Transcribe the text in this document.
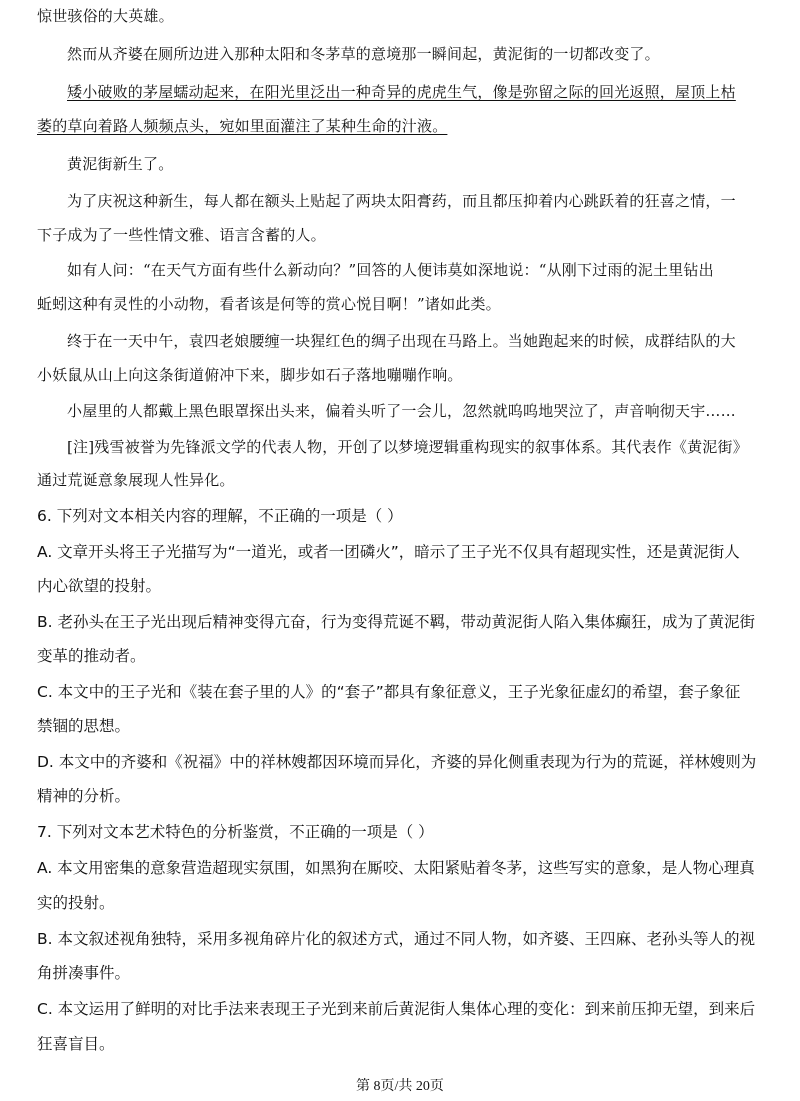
惊世骇俗的大英雄。
然而从齐婆在厕所边进入那种太阳和冬茅草的意境那一瞬间起，黄泥街的一切都改变了。
矮小破败的茅屋蠕动起来，在阳光里泛出一种奇异的虎虎生气，像是弥留之际的回光返照，屋顶上枯
萎的草向着路人频频点头，宛如里面灌注了某种生命的汁液。
黄泥街新生了。
为了庆祝这种新生，每人都在额头上贴起了两块太阳膏药，而且都压抑着内心跳跃着的狂喜之情，一
下子成为了一些性情文雅、语言含蓄的人。
如有人问：“在天气方面有些什么新动向？”回答的人便讳莫如深地说：“从刚下过雨的泥土里钻出
蚯蚓这种有灵性的小动物，看者该是何等的赏心悦目啊！”诸如此类。
终于在一天中午，袁四老娘腰缠一块猩红色的绸子出现在马路上。当她跑起来的时候，成群结队的大
小妖鼠从山上向这条街道俯冲下来，脚步如石子落地嘣嘣作响。
小屋里的人都戴上黑色眼罩探出头来，偏着头听了一会儿，忽然就呜呜地哭泣了，声音响彻天宇……
[注]残雪被誉为先锋派文学的代表人物，开创了以梦境逻辑重构现实的叙事体系。其代表作《黄泥街》
通过荒诞意象展现人性异化。
6. 下列对文本相关内容的理解，不正确的一项是（ ）
A. 文章开头将王子光描写为“一道光，或者一团磷火”，暗示了王子光不仅具有超现实性，还是黄泥街人
内心欲望的投射。
B. 老孙头在王子光出现后精神变得亢奋，行为变得荒诞不羁，带动黄泥街人陷入集体癫狂，成为了黄泥街
变革的推动者。
C. 本文中的王子光和《装在套子里的人》的“套子”都具有象征意义，王子光象征虚幻的希望，套子象征
禁锢的思想。
D. 本文中的齐婆和《祝福》中的祥林嫂都因环境而异化，齐婆的异化侧重表现为行为的荒诞，祥林嫂则为
精神的分析。
7. 下列对文本艺术特色的分析鉴赏，不正确的一项是（ ）
A. 本文用密集的意象营造超现实氛围，如黑狗在厮咬、太阳紧贴着冬茅，这些写实的意象，是人物心理真
实的投射。
B. 本文叙述视角独特，采用多视角碎片化的叙述方式，通过不同人物，如齐婆、王四麻、老孙头等人的视
角拼凑事件。
C. 本文运用了鲜明的对比手法来表现王子光到来前后黄泥街人集体心理的变化：到来前压抑无望，到来后
狂喜盲目。
第 8页/共 20页
